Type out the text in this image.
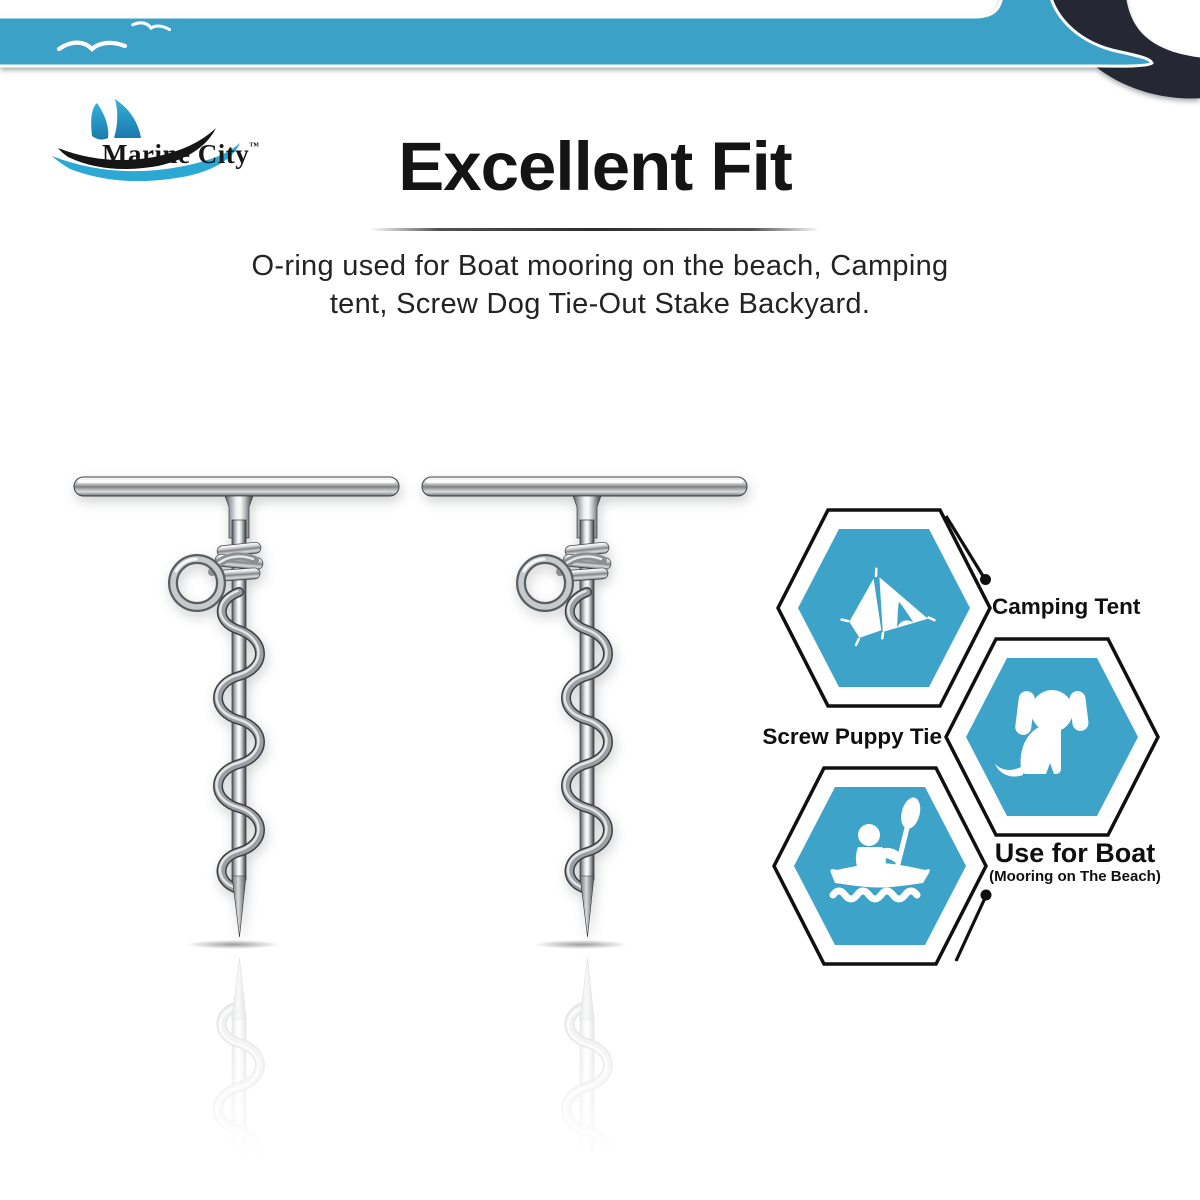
Marine City™	Excellent Fit
O-ring used for Boat mooring on the beach, Camping
tent, Screw Dog Tie-Out Stake Backyard.
Camping Tent
Screw Puppy Tie
Use for Boat
(Mooring on The Beach)
